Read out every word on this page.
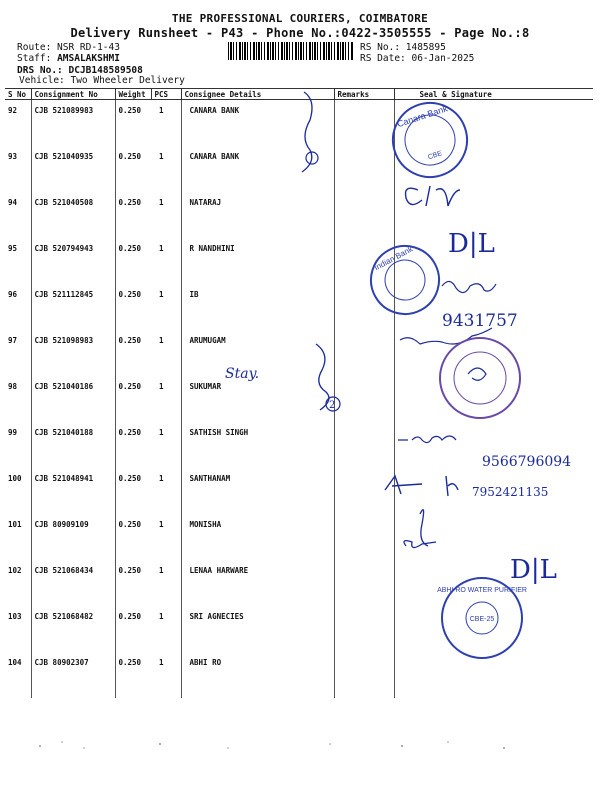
THE PROFESSIONAL COURIERS, COIMBATORE
Delivery Runsheet - P43 - Phone No.:0422-3505555 - Page No.:8
Route: NSR RD-1-43
Staff: AMSALAKSHMI
DRS No.: DCJB148589508
Vehicle: Two Wheeler Delivery
RS No.: 1485895
RS Date: 06-Jan-2025
S No	Consignment No	Weight	PCS	Consignee Details	Remarks	Seal & Signature
92	CJB 521089983	0.250	1	CANARA BANK		
93	CJB 521040935	0.250	1	CANARA BANK		
94	CJB 521040508	0.250	1	NATARAJ		
95	CJB 520794943	0.250	1	R NANDHINI		
96	CJB 521112845	0.250	1	IB		
97	CJB 521098983	0.250	1	ARUMUGAM		
98	CJB 521040186	0.250	1	SUKUMAR		
99	CJB 521040188	0.250	1	SATHISH SINGH		
100	CJB 521048941	0.250	1	SANTHANAM		
101	CJB 80909109	0.250	1	MONISHA		
102	CJB 521068434	0.250	1	LENAA HARWARE		
103	CJB 521068482	0.250	1	SRI AGNECIES		
104	CJB 80902307	0.250	1	ABHI RO		
Canara Bank
CBE
D|L
Indian Bank
9431757
Stay.
2
9566796094
7952421135
D|L
ABHI RO WATER PURIFIER
CBE-25
